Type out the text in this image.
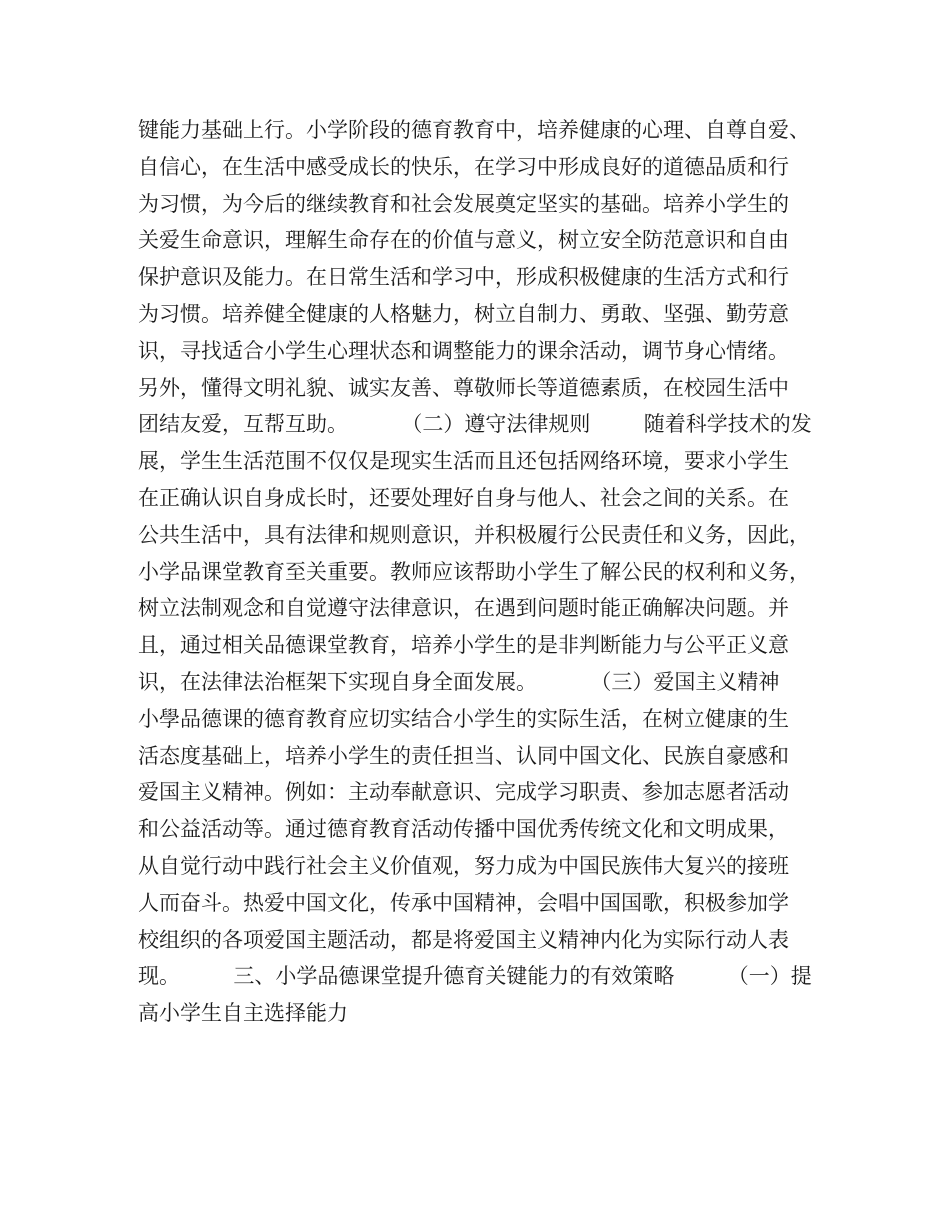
键能力基础上行。小学阶段的德育教育中，培养健康的心理、自尊自爱、
自信心，在生活中感受成长的快乐，在学习中形成良好的道德品质和行
为习惯，为今后的继续教育和社会发展奠定坚实的基础。培养小学生的
关爱生命意识，理解生命存在的价值与意义，树立安全防范意识和自由
保护意识及能力。在日常生活和学习中，形成积极健康的生活方式和行
为习惯。培养健全健康的人格魅力，树立自制力、勇敢、坚强、勤劳意
识，寻找适合小学生心理状态和调整能力的课余活动，调节身心情绪。
另外，懂得文明礼貌、诚实友善、尊敬师长等道德素质，在校园生活中
团结友爱，互帮互助。        （二）遵守法律规则        随着科学技术的发
展，学生生活范围不仅仅是现实生活而且还包括网络环境，要求小学生
在正确认识自身成长时，还要处理好自身与他人、社会之间的关系。在
公共生活中，具有法律和规则意识，并积极履行公民责任和义务，因此，
小学品课堂教育至关重要。教师应该帮助小学生了解公民的权利和义务，
树立法制观念和自觉遵守法律意识，在遇到问题时能正确解决问题。并
且，通过相关品德课堂教育，培养小学生的是非判断能力与公平正义意
识，在法律法治框架下实现自身全面发展。        （三）爱国主义精神
小學品德课的德育教育应切实结合小学生的实际生活，在树立健康的生
活态度基础上，培养小学生的责任担当、认同中国文化、民族自豪感和
爱国主义精神。例如：主动奉献意识、完成学习职责、参加志愿者活动
和公益活动等。通过德育教育活动传播中国优秀传统文化和文明成果，
从自觉行动中践行社会主义价值观，努力成为中国民族伟大复兴的接班
人而奋斗。热爱中国文化，传承中国精神，会唱中国国歌，积极参加学
校组织的各项爱国主题活动，都是将爱国主义精神内化为实际行动人表
现。        三、小学品德课堂提升德育关键能力的有效策略        （一）提
高小学生自主选择能力
